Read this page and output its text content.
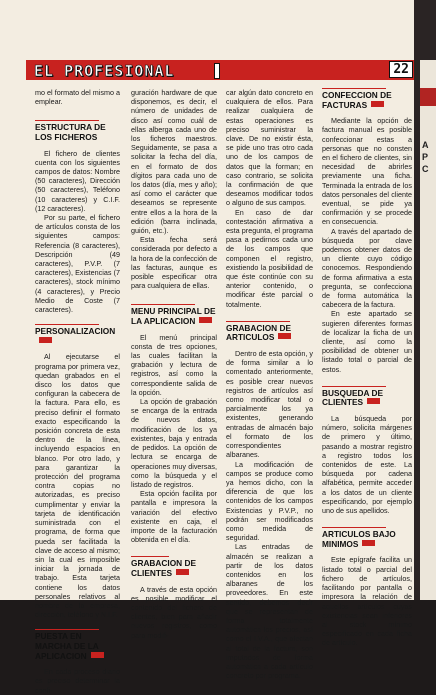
EL PROFESIONAL	22

mo el formato del mismo a emplear.

ESTRUCTURA DE LOS FICHEROS

El fichero de clientes cuenta con los siguientes campos de datos: Nombre (50 caracteres), Dirección (50 caracteres), Teléfono (10 caracteres) y C.I.F. (12 caracteres).

Por su parte, el fichero de artículos consta de los siguientes campos: Referencia (8 caracteres), Descripción (49 caracteres), P.V.P. (7 caracteres), Existencias (7 caracteres), stock mínimo (4 caracteres), y Precio Medio de Coste (7 caracteres).

PERSONALIZACION

Al ejecutarse el programa por primera vez, quedan grabados en el disco los datos que configuran la cabecera de la factura. Para ello, es preciso definir el formato exacto especificando la posición concreta de esta dentro de la línea, incluyendo espacios en blanco. Por otro lado, y para garantizar la protección del programa contra copias no autorizadas, es preciso cumplimentar y enviar la tarjeta de identificación suministrada con el programa, de forma que pueda ser facilitada la clave de acceso al mismo; sin la cual es imposible iniciar la jornada de trabajo. Esta tarjeta contiene los datos personales relativos al nombre de la empresa, dirección, teléfono y N.I.F.

PUESTA EN MARCHA DE LA APLICACION

En cada proceso diario es preciso determinar la confi-

guración hardware de que disponemos, es decir, el número de unidades de disco así como cuál de ellas alberga cada uno de los ficheros maestros. Seguidamente, se pasa a solicitar la fecha del día, en el formato de dos dígitos para cada uno de los datos (día, mes y año); así como el carácter que deseamos se represente entre ellos a la hora de la edición (barra inclinada, guión, etc.).

Esta fecha será considerada por defecto a la hora de la confección de las facturas, aunque es posible especificar otra para cualquiera de ellas.

MENU PRINCIPAL DE LA APLICACION

El menú principal consta de tres opciones, las cuales facilitan la grabación y lectura de registros, así como la correspondiente salida de la opción.

La opción de grabación se encarga de la entrada de nuevos datos, modificación de los ya existentes, baja y entrada de pedidos. La opción de lectura se encarga de operaciones muy diversas, como la búsqueda y el listado de registros.

Esta opción facilita por pantalla e impresora la variación del efectivo existente en caja, el importe de la facturación obtenida en el día.

GRABACION DE CLIENTES

A través de esta opción es posible modificar el contenido del fichero de clientes, bien para añadir nuevos registros, como para modifi-

car algún dato concreto en cualquiera de ellos. Para realizar cualquiera de estas operaciones es preciso suministrar la clave. De no existir ésta, se pide uno tras otro cada uno de los campos de datos que la forman; en caso contrario, se solicita la confirmación de que deseamos modificar todos o alguno de sus campos.

En caso de dar contestación afirmativa a esta pregunta, el programa pasa a pedirnos cada uno de los campos que componen el registro, existiendo la posibilidad de que éste continúe con su anterior contenido, o modificar éste parcial o totalmente.

GRABACION DE ARTICULOS

Dentro de esta opción, y de forma similar a lo comentado anteriormente, es posible crear nuevos registros de artículos así como modificar total o parcialmente los ya existentes, generando entradas de almacén bajo el formato de los correspondientes albaranes.

La modificación de campos se produce como ya hemos dicho, con la diferencia de que los contenidos de los campos Existencias y P.V.P., no podrán ser modificados como medida de seguridad.

Las entradas de almacén se realizan a partir de los datos contenidos en los albaranes de los proveedores. En este sentido, debemos decir que se representan de forma totalmente automática los precios, así como el I.V.A., que afectan al total de la factura, son imputados de forma automática a cada artículo concreto por programa.

CONFECCION DE FACTURAS

Mediante la opción de factura manual es posible confeccionar estas a personas que no consten en el fichero de clientes, sin necesidad de abrirles previamente una ficha. Terminada la entrada de los datos personales del cliente eventual, se pide ya confirmación y se procede en consecuencia.

A través del apartado de búsqueda por clave podemos obtener datos de un cliente cuyo código conocemos. Respondiendo de forma afirmativa a esta pregunta, se confecciona de forma automática la cabecera de la factura.

En este apartado se sugieren diferentes formas de localizar la ficha de un cliente, así como la posibilidad de obtener un listado total o parcial de estos.

BUSQUEDA DE CLIENTES

La búsqueda por número, solicita márgenes de primero y último, pasando a mostrar registro a registro todos los contenidos de este. La búsqueda por cadena alfabética, permite acceder a los datos de un cliente especificando, por ejemplo uno de sus apellidos.

ARTICULOS BAJO MINIMOS

Este epígrafe facilita un listado total o parcial del fichero de artículos, facilitando por pantalla o impresora la relación de aquellos artículos cuyas existencias sean inferiores al stock mínimo especificado en cada ficha de artículo.

A
P
C
